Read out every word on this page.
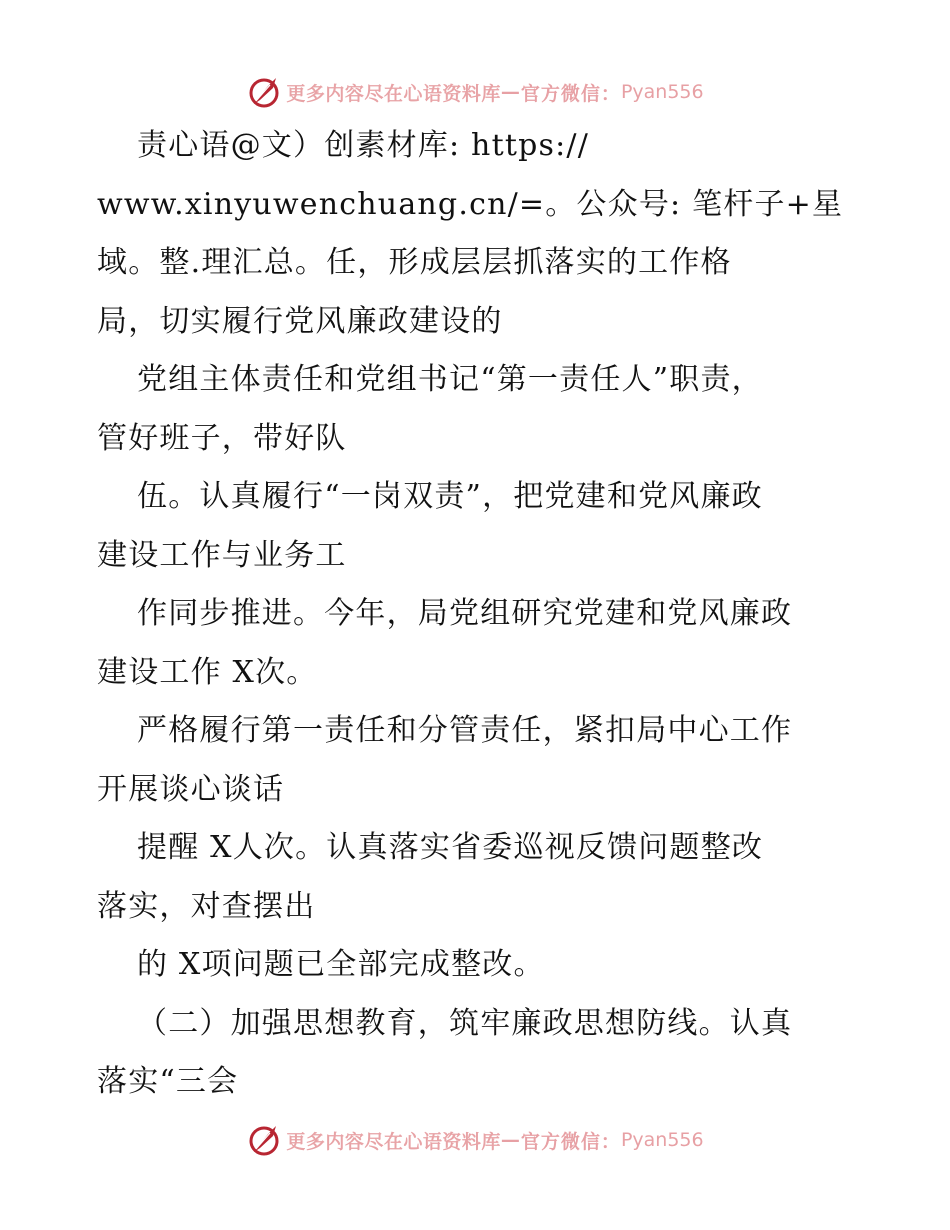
更多内容尽在心语资料库 — 官方微信： Pyan556
责心语@文）创素材库: https://
www.xinyuwenchuang.cn/=。公众号: 笔杆子+星
域。整.理汇总。任，形成层层抓落实的工作格
局，切实履行党风廉政建设的
党组主体责任和党组书记“第一责任人”职责，
管好班子，带好队
伍。认真履行“一岗双责”，把党建和党风廉政
建设工作与业务工
作同步推进。今年，局党组研究党建和党风廉政
建设工作 X次。
严格履行第一责任和分管责任，紧扣局中心工作
开展谈心谈话
提醒 X人次。认真落实省委巡视反馈问题整改
落实，对查摆出
的 X项问题已全部完成整改。
（二）加强思想教育，筑牢廉政思想防线。认真
落实“三会
更多内容尽在心语资料库 — 官方微信： Pyan556
